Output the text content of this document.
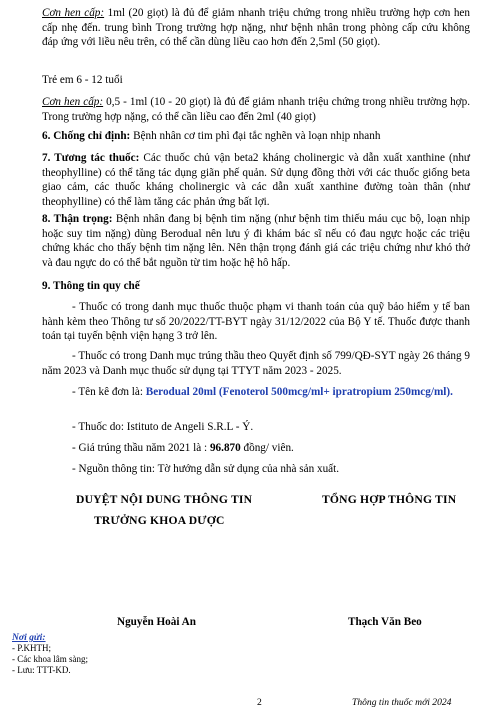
Cơn hen cấp: 1ml (20 giọt) là đủ để giảm nhanh triệu chứng trong nhiều trường hợp cơn hen cấp nhẹ đến. trung bình Trong trường hợp nặng, như bệnh nhân trong phòng cấp cứu không đáp ứng với liều nêu trên, có thể cần dùng liều cao hơn đến 2,5ml (50 giọt).

Trẻ em 6 - 12 tuổi

Cơn hen cấp: 0,5 - 1ml (10 - 20 giọt) là đủ để giảm nhanh triệu chứng trong nhiều trường hợp. Trong trường hợp nặng, có thể cần liều cao đến 2ml (40 giọt)

6. Chống chỉ định: Bệnh nhân cơ tim phì đại tắc nghẽn và loạn nhịp nhanh

7. Tương tác thuốc: Các thuốc chủ vận beta2 kháng cholinergic và dẫn xuất xanthine (như theophylline) có thể tăng tác dụng giãn phế quản. Sử dụng đồng thời với các thuốc giống beta giao cảm, các thuốc kháng cholinergic và các dẫn xuất xanthine đường toàn thân (như theophylline) có thể làm tăng các phản ứng bất lợi.

8. Thận trọng: Bệnh nhân đang bị bệnh tim nặng (như bệnh tim thiếu máu cục bộ, loạn nhịp hoặc suy tim nặng) dùng Berodual nên lưu ý đi khám bác sĩ nếu có đau ngực hoặc các triệu chứng khác cho thấy bệnh tim nặng lên. Nên thận trọng đánh giá các triệu chứng như khó thở và đau ngực do có thể bắt nguồn từ tim hoặc hệ hô hấp.

9. Thông tin quy chế

- Thuốc có trong danh mục thuốc thuộc phạm vi thanh toán của quỹ bảo hiểm y tế ban hành kèm theo Thông tư số 20/2022/TT-BYT ngày 31/12/2022 của Bộ Y tế. Thuốc được thanh toán tại tuyến bệnh viện hạng 3 trở lên.

- Thuốc có trong Danh mục trúng thầu theo Quyết định số 799/QĐ-SYT ngày 26 tháng 9 năm 2023 và Danh mục thuốc sử dụng tại TTYT năm 2023 - 2025.

- Tên kê đơn là: Berodual 20ml (Fenoterol 500mcg/ml+ ipratropium 250mcg/ml).

- Thuốc do: Istituto de Angeli S.R.L - Ý.

- Giá trúng thầu năm 2021 là : 96.870 đồng/ viên.

- Nguồn thông tin: Tờ hướng dẫn sử dụng của nhà sản xuất.

DUYỆT NỘI DUNG THÔNG TIN
TRƯỞNG KHOA DƯỢC
TỔNG HỢP THÔNG TIN
Nguyễn Hoài An	Thạch Văn Beo
Nơi gửi:
- P.KHTH;
- Các khoa lâm sàng;
- Lưu: TTT-KD.
2	Thông tin thuốc mới 2024
